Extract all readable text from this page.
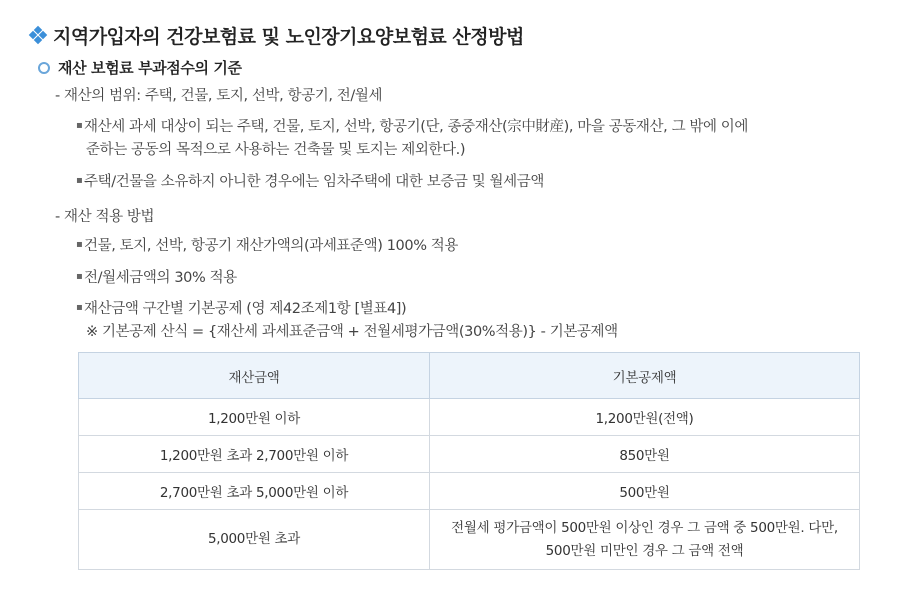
지역가입자의 건강보험료 및 노인장기요양보험료 산정방법
재산 보험료 부과점수의 기준
- 재산의 범위: 주택, 건물, 토지, 선박, 항공기, 전/월세
▪ 재산세 과세 대상이 되는 주택, 건물, 토지, 선박, 항공기(단, 종중재산(宗中財産), 마을 공동재산, 그 밖에 이에
준하는 공동의 목적으로 사용하는 건축물 및 토지는 제외한다.)
▪ 주택/건물을 소유하지 아니한 경우에는 임차주택에 대한 보증금 및 월세금액
- 재산 적용 방법
▪ 건물, 토지, 선박, 항공기 재산가액의(과세표준액) 100% 적용
▪ 전/월세금액의 30% 적용
▪ 재산금액 구간별 기본공제 (영 제42조제1항 [별표4])
※ 기본공제 산식 = {재산세 과세표준금액 + 전월세평가금액(30%적용)} - 기본공제액
재산금액	기본공제액
1,200만원 이하	1,200만원(전액)
1,200만원 초과 2,700만원 이하	850만원
2,700만원 초과 5,000만원 이하	500만원
5,000만원 초과	전월세 평가금액이 500만원 이상인 경우 그 금액 중 500만원. 다만,
500만원 미만인 경우 그 금액 전액
